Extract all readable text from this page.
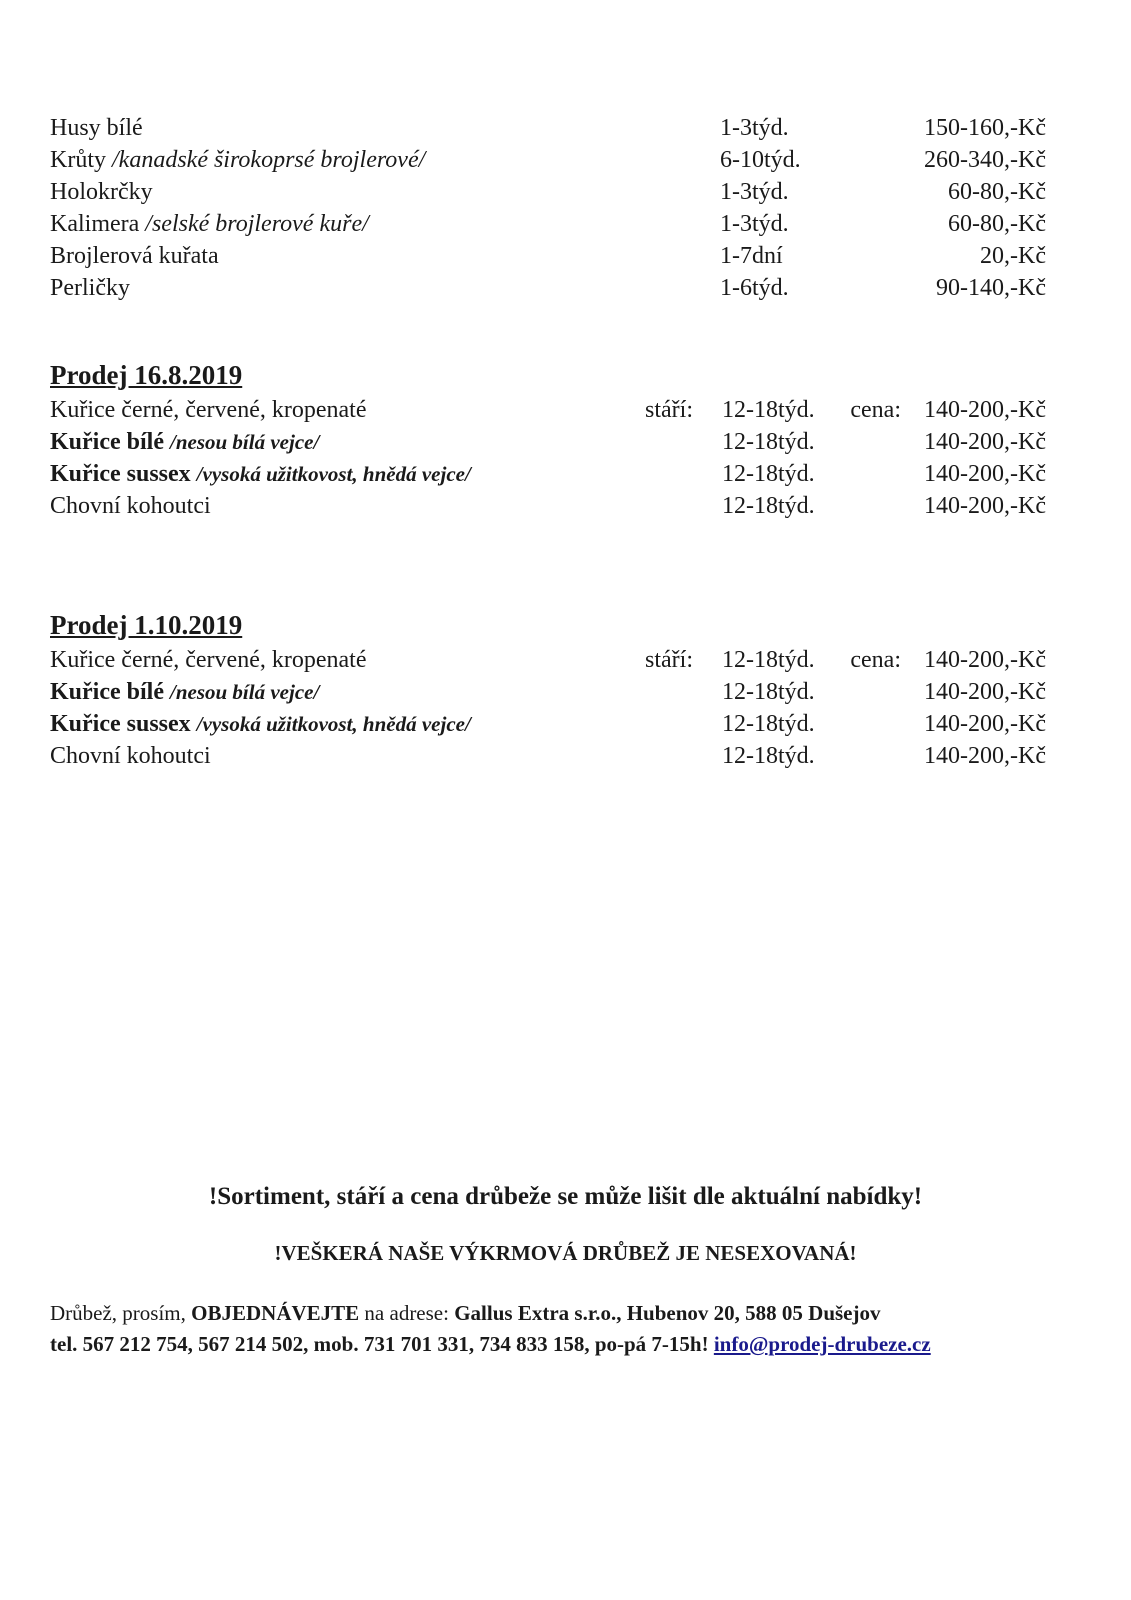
Husy bílé	1-3týd.	150-160,-Kč
Krůty /kanadské širokoprsé brojlerové/	6-10týd.	260-340,-Kč
Holokrčky	1-3týd.	60-80,-Kč
Kalimera /selské brojlerové kuře/	1-3týd.	60-80,-Kč
Brojlerová kuřata	1-7dní	20,-Kč
Perličky	1-6týd.	90-140,-Kč
Prodej 16.8.2019
Kuřice černé, červené, kropenaté	stáří: 12-18týd. cena: 140-200,-Kč
Kuřice bílé /nesou bílá vejce/	12-18týd.	140-200,-Kč
Kuřice sussex /vysoká užitkovost, hnědá vejce/	12-18týd.	140-200,-Kč
Chovní kohoutci	12-18týd.	140-200,-Kč
Prodej 1.10.2019
Kuřice černé, červené, kropenaté	stáří: 12-18týd. cena: 140-200,-Kč
Kuřice bílé /nesou bílá vejce/	12-18týd.	140-200,-Kč
Kuřice sussex /vysoká užitkovost, hnědá vejce/	12-18týd.	140-200,-Kč
Chovní kohoutci	12-18týd.	140-200,-Kč
!Sortiment, stáří a cena drůbeže se může lišit dle aktuální nabídky!
!VEŠKERÁ NAŠE VÝKRMOVÁ DRŮBEŽ JE NESEXOVANÁ!
Drůbež, prosím, OBJEDNÁVEJTE na adrese: Gallus Extra s.r.o., Hubenov 20, 588 05 Dušejov
tel. 567 212 754, 567 214 502, mob. 731 701 331, 734 833 158, po-pá 7-15h! info@prodej-drubeze.cz
